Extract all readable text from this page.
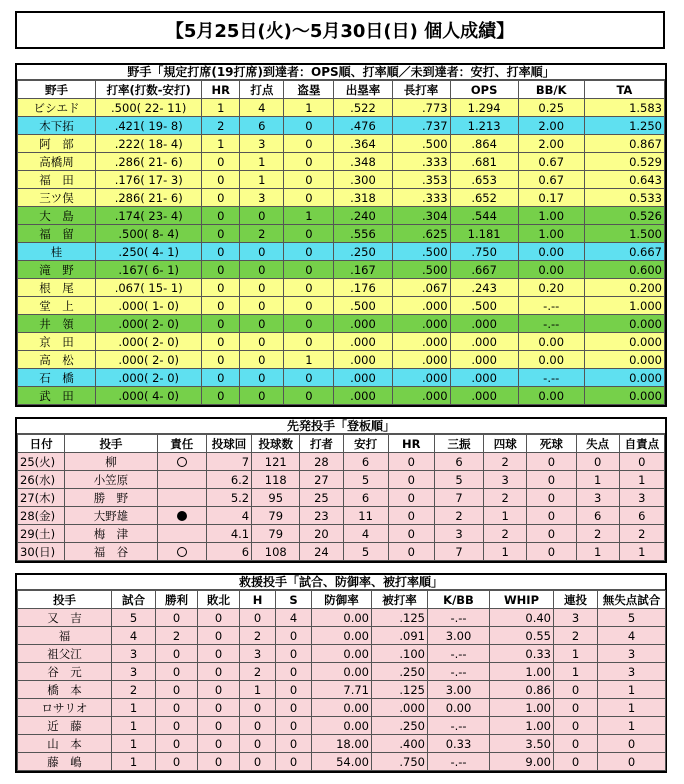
【5月25日(火)～5月30日(日) 個人成績】
野手「規定打席(19打席)到達者：OPS順、打率順／未到達者：安打、打率順」
野手	打率(打数-安打)	HR	打点	盗塁	出塁率	長打率	OPS	BB/K	TA
ビシエド	.500( 22- 11)	1	4	1	.522	.773	1.294	0.25	1.583
木下拓	.421( 19- 8)	2	6	0	.476	.737	1.213	2.00	1.250
阿　部	.222( 18- 4)	1	3	0	.364	.500	.864	2.00	0.867
高橋周	.286( 21- 6)	0	1	0	.348	.333	.681	0.67	0.529
福　田	.176( 17- 3)	0	1	0	.300	.353	.653	0.67	0.643
三ツ俣	.286( 21- 6)	0	3	0	.318	.333	.652	0.17	0.533
大　島	.174( 23- 4)	0	0	1	.240	.304	.544	1.00	0.526
福　留	.500( 8- 4)	0	2	0	.556	.625	1.181	1.00	1.500
桂	.250( 4- 1)	0	0	0	.250	.500	.750	0.00	0.667
滝　野	.167( 6- 1)	0	0	0	.167	.500	.667	0.00	0.600
根　尾	.067( 15- 1)	0	0	0	.176	.067	.243	0.20	0.200
堂　上	.000( 1- 0)	0	0	0	.500	.000	.500	-.--	1.000
井　領	.000( 2- 0)	0	0	0	.000	.000	.000	-.--	0.000
京　田	.000( 2- 0)	0	0	0	.000	.000	.000	0.00	0.000
高　松	.000( 2- 0)	0	0	1	.000	.000	.000	0.00	0.000
石　橋	.000( 2- 0)	0	0	0	.000	.000	.000	-.--	0.000
武　田	.000( 4- 0)	0	0	0	.000	.000	.000	0.00	0.000
先発投手「登板順」
日付	投手	責任	投球回	投球数	打者	安打	HR	三振	四球	死球	失点	自責点
25(火)	柳		7	121	28	6	0	6	2	0	0	0
26(水)	小笠原		6.2	118	27	5	0	5	3	0	1	1
27(木)	勝　野		5.2	95	25	6	0	7	2	0	3	3
28(金)	大野雄		4	79	23	11	0	2	1	0	6	6
29(土)	梅　津		4.1	79	20	4	0	3	2	0	2	2
30(日)	福　谷		6	108	24	5	0	7	1	0	1	1
救援投手「試合、防御率、被打率順」
投手	試合	勝利	敗北	H	S	防御率	被打率	K/BB	WHIP	連投	無失点試合
又　吉	5	0	0	0	4	0.00	.125	-.--	0.40	3	5
福	4	2	0	2	0	0.00	.091	3.00	0.55	2	4
祖父江	3	0	0	3	0	0.00	.100	-.--	0.33	1	3
谷　元	3	0	0	2	0	0.00	.250	-.--	1.00	1	3
橋　本	2	0	0	1	0	7.71	.125	3.00	0.86	0	1
ロサリオ	1	0	0	0	0	0.00	.000	0.00	1.00	0	1
近　藤	1	0	0	0	0	0.00	.250	-.--	1.00	0	1
山　本	1	0	0	0	0	18.00	.400	0.33	3.50	0	0
藤　嶋	1	0	0	0	0	54.00	.750	-.--	9.00	0	0
